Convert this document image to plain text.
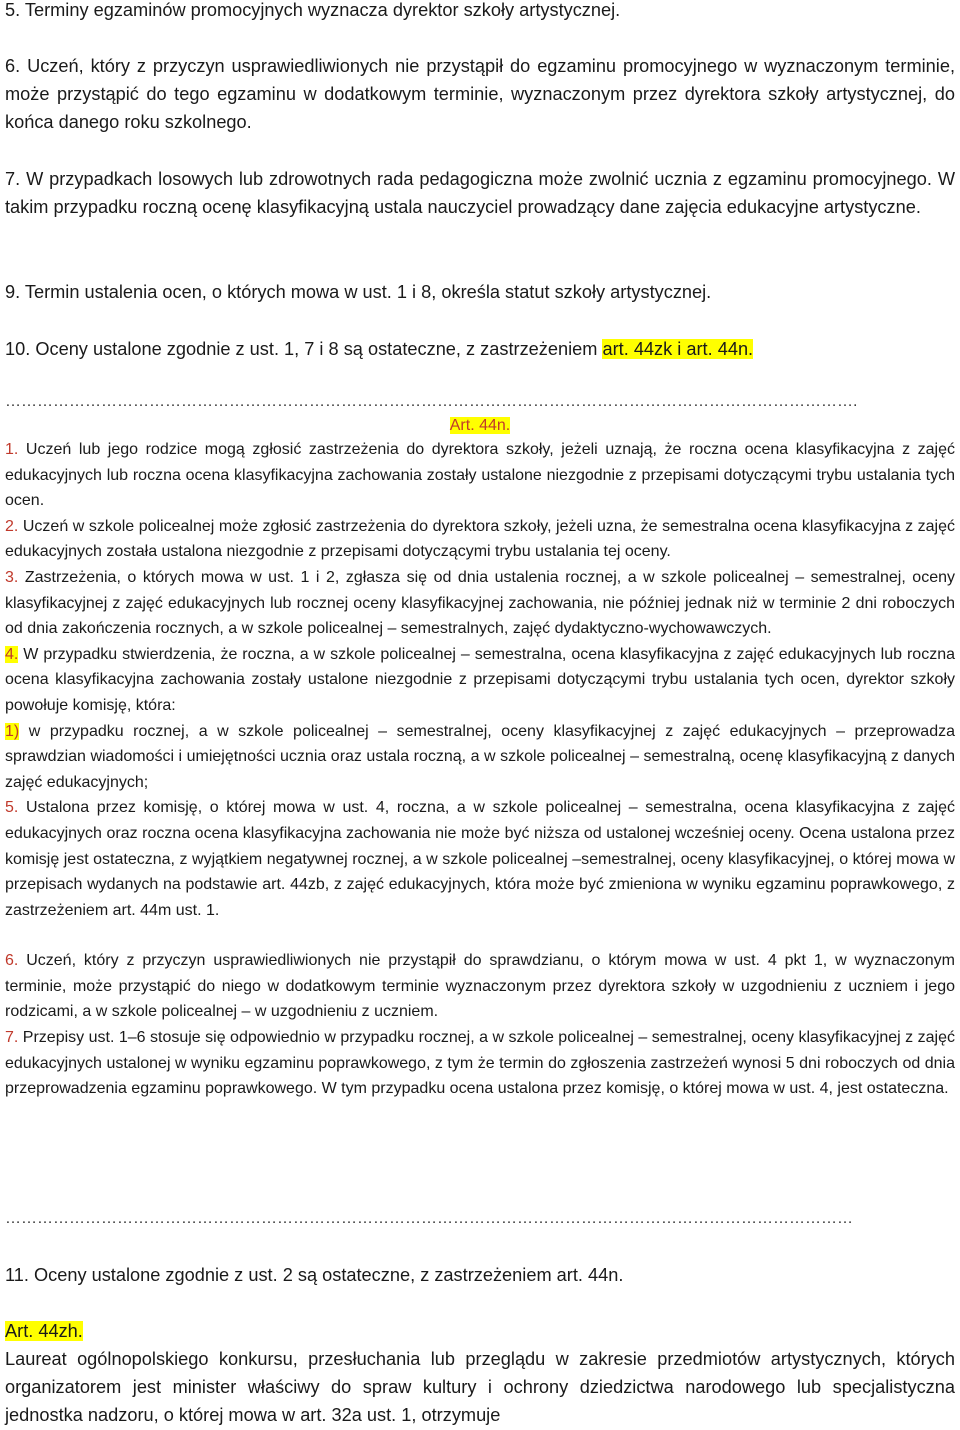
5. Terminy egzaminów promocyjnych wyznacza dyrektor szkoły artystycznej.

6. Uczeń, który z przyczyn usprawiedliwionych nie przystąpił do egzaminu promocyjnego w wyznaczonym terminie, może przystąpić do tego egzaminu w dodatkowym terminie, wyznaczonym przez dyrektora szkoły artystycznej, do końca danego roku szkolnego.

7. W przypadkach losowych lub zdrowotnych rada pedagogiczna może zwolnić ucznia z egzaminu promocyjnego. W takim przypadku roczną ocenę klasyfikacyjną ustala nauczyciel prowadzący dane zajęcia edukacyjne artystyczne.

9. Termin ustalenia ocen, o których mowa w ust. 1 i 8, określa statut szkoły artystycznej.

10. Oceny ustalone zgodnie z ust. 1, 7 i 8 są ostateczne, z zastrzeżeniem art. 44zk i art. 44n.

…………………………………………………………………………………………………………………………………………….
Art. 44n.

1. Uczeń lub jego rodzice mogą zgłosić zastrzeżenia do dyrektora szkoły, jeżeli uznają, że roczna ocena klasyfikacyjna z zajęć edukacyjnych lub roczna ocena klasyfikacyjna zachowania zostały ustalone niezgodnie z przepisami dotyczącymi trybu ustalania tych ocen.

2. Uczeń w szkole policealnej może zgłosić zastrzeżenia do dyrektora szkoły, jeżeli uzna, że semestralna ocena klasyfikacyjna z zajęć edukacyjnych została ustalona niezgodnie z przepisami dotyczącymi trybu ustalania tej oceny.

3. Zastrzeżenia, o których mowa w ust. 1 i 2, zgłasza się od dnia ustalenia rocznej, a w szkole policealnej – semestralnej, oceny klasyfikacyjnej z zajęć edukacyjnych lub rocznej oceny klasyfikacyjnej zachowania, nie później jednak niż w terminie 2 dni roboczych od dnia zakończenia rocznych, a w szkole policealnej – semestralnych, zajęć dydaktyczno-wychowawczych.

4. W przypadku stwierdzenia, że roczna, a w szkole policealnej – semestralna, ocena klasyfikacyjna z zajęć edukacyjnych lub roczna ocena klasyfikacyjna zachowania zostały ustalone niezgodnie z przepisami dotyczącymi trybu ustalania tych ocen, dyrektor szkoły powołuje komisję, która:

1) w przypadku rocznej, a w szkole policealnej – semestralnej, oceny klasyfikacyjnej z zajęć edukacyjnych – przeprowadza sprawdzian wiadomości i umiejętności ucznia oraz ustala roczną, a w szkole policealnej – semestralną, ocenę klasyfikacyjną z danych zajęć edukacyjnych;

5. Ustalona przez komisję, o której mowa w ust. 4, roczna, a w szkole policealnej – semestralna, ocena klasyfikacyjna z zajęć edukacyjnych oraz roczna ocena klasyfikacyjna zachowania nie może być niższa od ustalonej wcześniej oceny. Ocena ustalona przez komisję jest ostateczna, z wyjątkiem negatywnej rocznej, a w szkole policealnej –semestralnej, oceny klasyfikacyjnej, o której mowa w przepisach wydanych na podstawie art. 44zb, z zajęć edukacyjnych, która może być zmieniona w wyniku egzaminu poprawkowego, z zastrzeżeniem art. 44m ust. 1.

6. Uczeń, który z przyczyn usprawiedliwionych nie przystąpił do sprawdzianu, o którym mowa w ust. 4 pkt 1, w wyznaczonym terminie, może przystąpić do niego w dodatkowym terminie wyznaczonym przez dyrektora szkoły w uzgodnieniu z uczniem i jego rodzicami, a w szkole policealnej – w uzgodnieniu z uczniem.

7. Przepisy ust. 1–6 stosuje się odpowiednio w przypadku rocznej, a w szkole policealnej – semestralnej, oceny klasyfikacyjnej z zajęć edukacyjnych ustalonej w wyniku egzaminu poprawkowego, z tym że termin do zgłoszenia zastrzeżeń wynosi 5 dni roboczych od dnia przeprowadzenia egzaminu poprawkowego. W tym przypadku ocena ustalona przez komisję, o której mowa w ust. 4, jest ostateczna.

……………………………………………………………………………………………………………………………………………

11. Oceny ustalone zgodnie z ust. 2 są ostateczne, z zastrzeżeniem art. 44n.

Art. 44zh.

Laureat ogólnopolskiego konkursu, przesłuchania lub przeglądu w zakresie przedmiotów artystycznych, których organizatorem jest minister właściwy do spraw kultury i ochrony dziedzictwa narodowego lub specjalistyczna jednostka nadzoru, o której mowa w art. 32a ust. 1, otrzymuje
